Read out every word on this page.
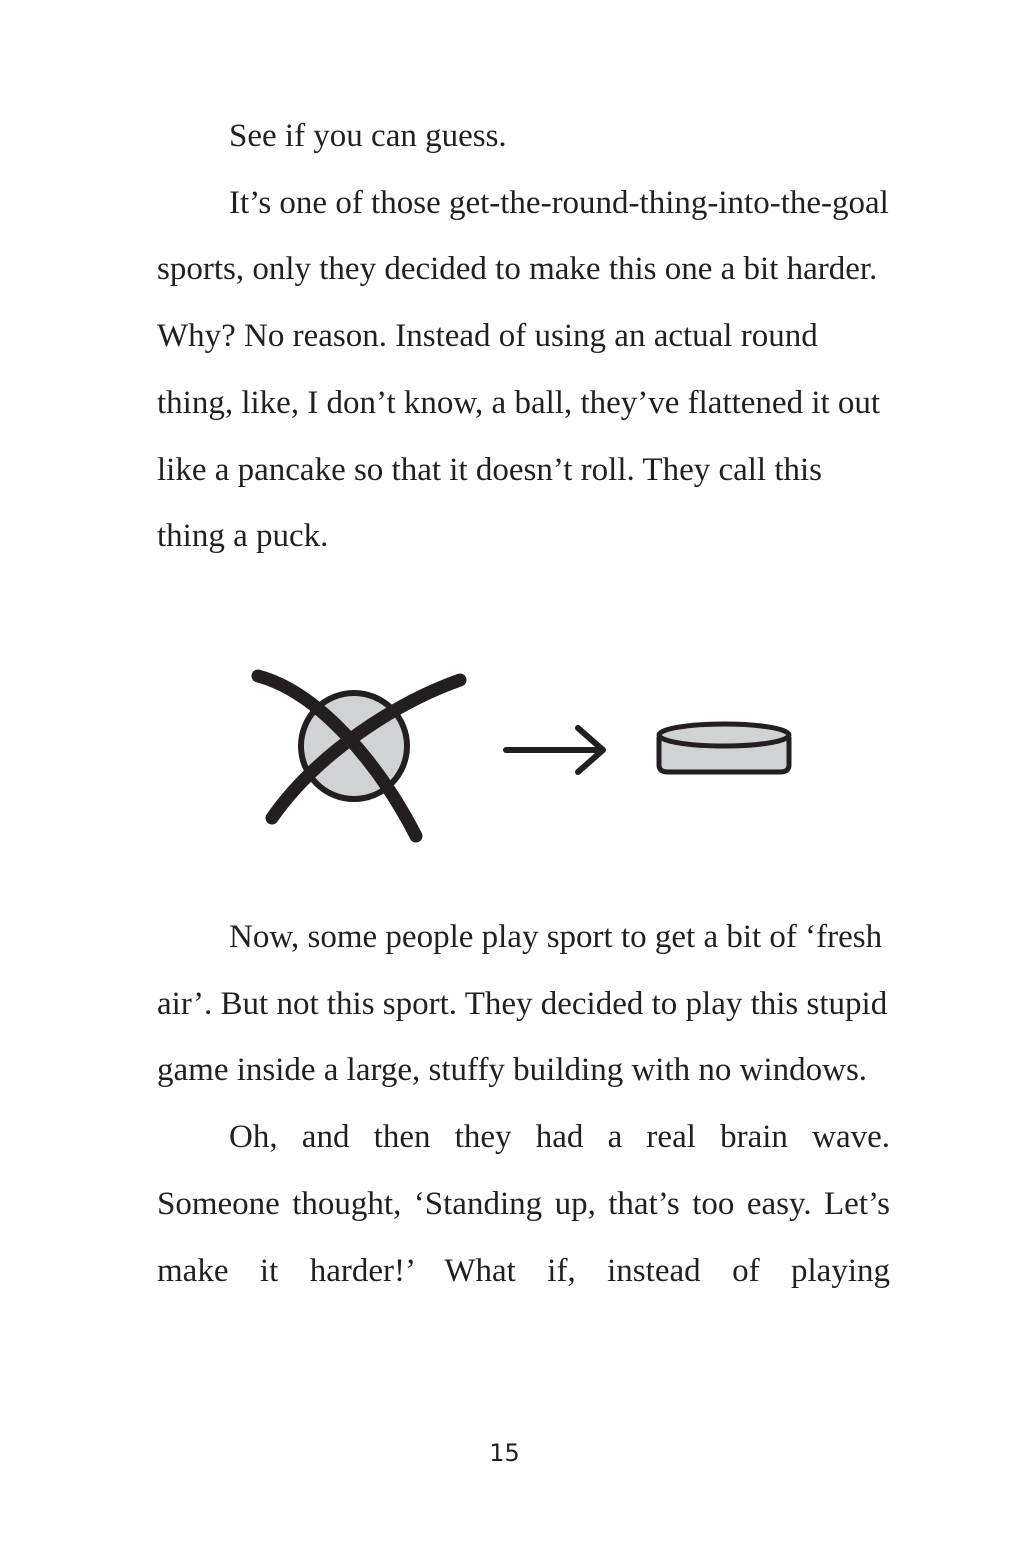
See if you can guess.

It’s one of those get-the-round-thing-into-the-goal sports, only they decided to make this one a bit harder. Why? No reason. Instead of using an actual round thing, like, I don’t know, a ball, they’ve flattened it out like a pancake so that it doesn’t roll. They call this thing a puck.

Now, some people play sport to get a bit of ‘fresh air’. But not this sport. They decided to play this stupid game inside a large, stuffy building with no windows.

Oh, and then they had a real brain wave. Someone thought, ‘Standing up, that’s too easy. Let’s make it harder!’ What if, instead of playing

15
